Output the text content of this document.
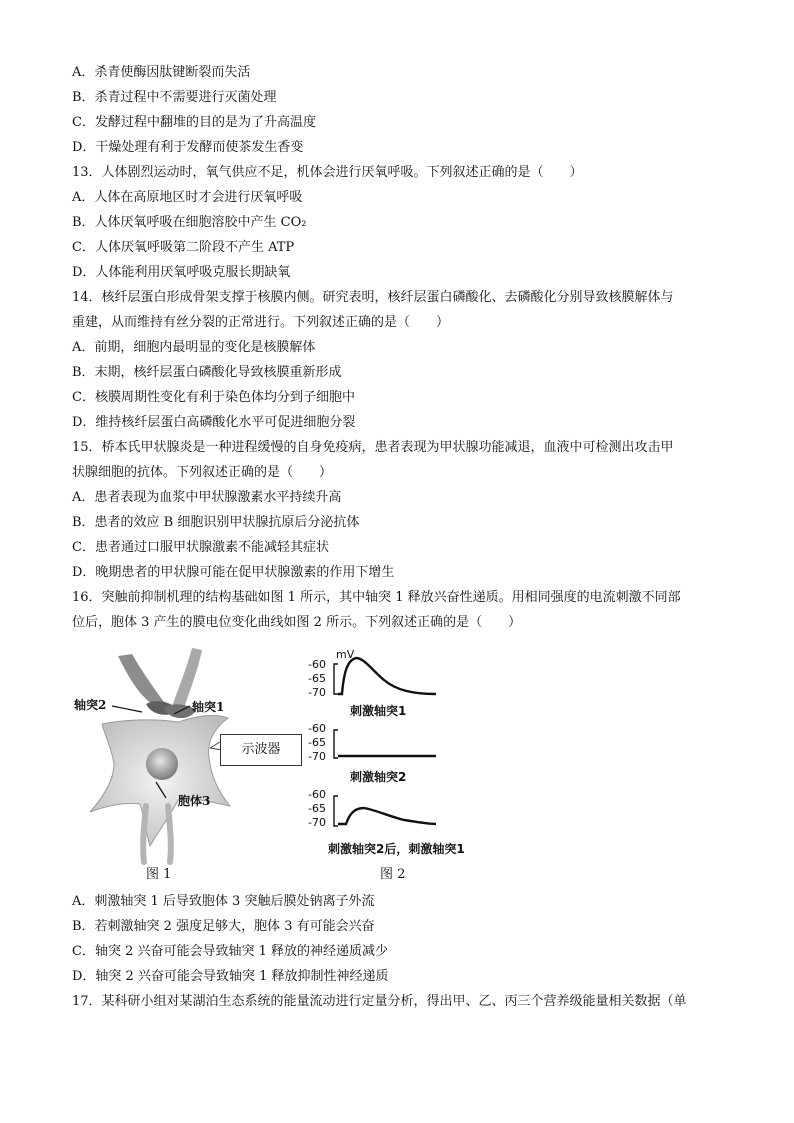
A．杀青使酶因肽键断裂而失活
B．杀青过程中不需要进行灭菌处理
C．发酵过程中翻堆的目的是为了升高温度
D．干燥处理有利于发酵而使茶发生香变
13．人体剧烈运动时，氧气供应不足，机体会进行厌氧呼吸。下列叙述正确的是（　　）
A．人体在高原地区时才会进行厌氧呼吸
B．人体厌氧呼吸在细胞溶胶中产生 CO₂
C．人体厌氧呼吸第二阶段不产生 ATP
D．人体能利用厌氧呼吸克服长期缺氧
14．核纤层蛋白形成骨架支撑于核膜内侧。研究表明，核纤层蛋白磷酸化、去磷酸化分别导致核膜解体与
重建，从而维持有丝分裂的正常进行。下列叙述正确的是（　　）
A．前期，细胞内最明显的变化是核膜解体
B．末期，核纤层蛋白磷酸化导致核膜重新形成
C．核膜周期性变化有利于染色体均分到子细胞中
D．维持核纤层蛋白高磷酸化水平可促进细胞分裂
15．桥本氏甲状腺炎是一种进程缓慢的自身免疫病，患者表现为甲状腺功能减退，血液中可检测出攻击甲
状腺细胞的抗体。下列叙述正确的是（　　）
A．患者表现为血浆中甲状腺激素水平持续升高
B．患者的效应 B 细胞识别甲状腺抗原后分泌抗体
C．患者通过口服甲状腺激素不能减轻其症状
D．晚期患者的甲状腺可能在促甲状腺激素的作用下增生
16．突触前抑制机理的结构基础如图 1 所示，其中轴突 1 释放兴奋性递质。用相同强度的电流刺激不同部
位后，胞体 3 产生的膜电位变化曲线如图 2 所示。下列叙述正确的是（　　）
轴突2	轴突1
胞体3
示波器
图 1
mV
-60
-65
-70
刺激轴突1
-60
-65
-70
刺激轴突2
-60
-65
-70
刺激轴突2后，刺激轴突1
图 2
A．刺激轴突 1 后导致胞体 3 突触后膜处钠离子外流
B．若刺激轴突 2 强度足够大，胞体 3 有可能会兴奋
C．轴突 2 兴奋可能会导致轴突 1 释放的神经递质减少
D．轴突 2 兴奋可能会导致轴突 1 释放抑制性神经递质
17．某科研小组对某湖泊生态系统的能量流动进行定量分析，得出甲、乙、丙三个营养级能量相关数据（单
